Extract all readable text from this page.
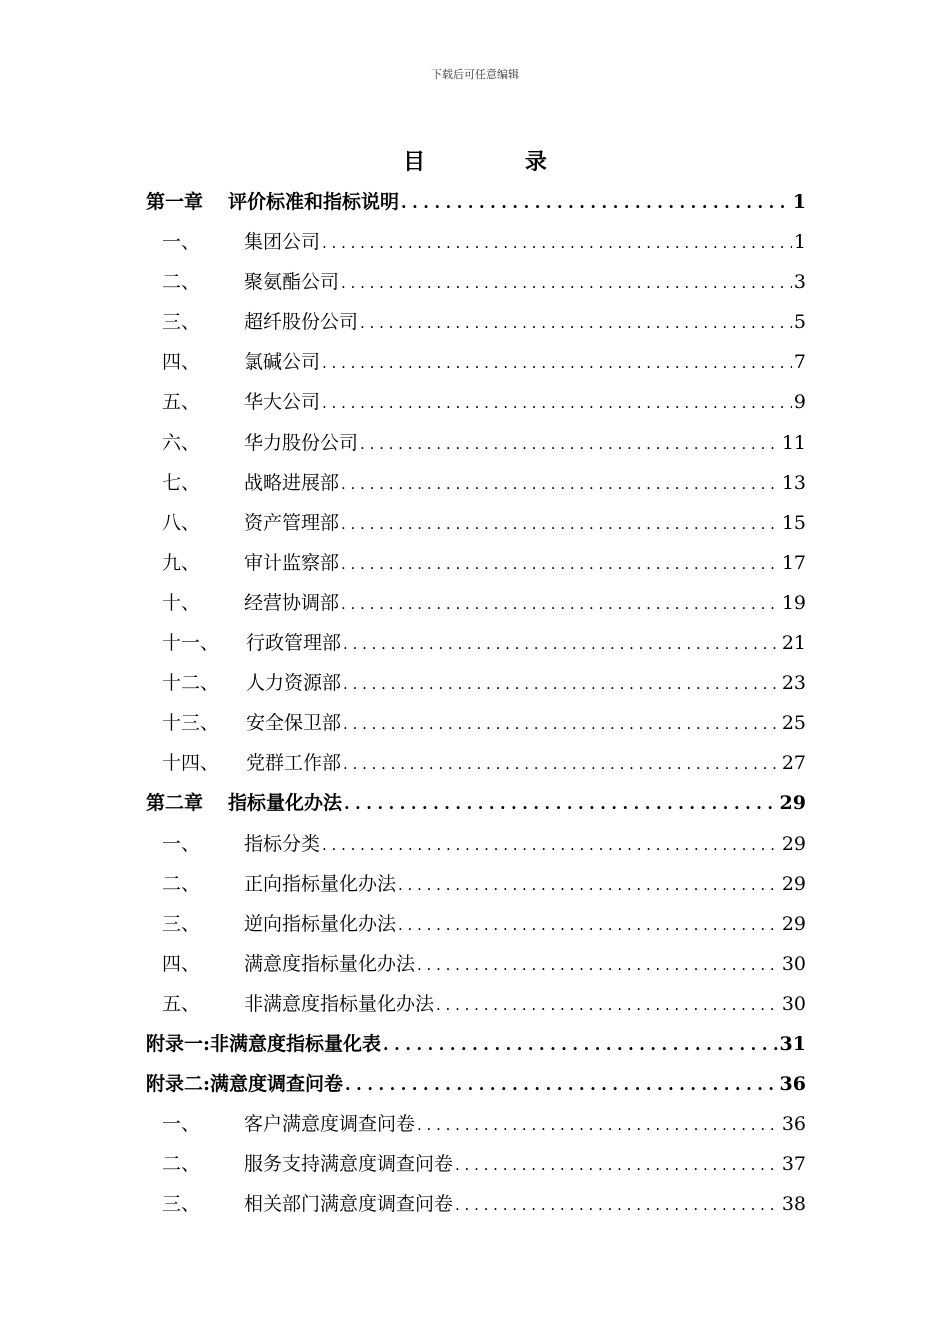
下载后可任意编辑
目 录
第一章	评价标准和指标说明 . . .	1
一、	集团公司 . . .	1
二、	聚氨酯公司 . . .	3
三、	超纤股份公司 . . .	5
四、	氯碱公司 . . .	7
五、	华大公司 . . .	9
六、	华力股份公司 . . .	11
七、	战略进展部 . . .	13
八、	资产管理部 . . .	15
九、	审计监察部 . . .	17
十、	经营协调部 . . .	19
十一、	行政管理部 . . .	21
十二、	人力资源部 . . .	23
十三、	安全保卫部 . . .	25
十四、	党群工作部 . . .	27
第二章	指标量化办法 . . .	29
一、	指标分类 . . .	29
二、	正向指标量化办法 . . .	29
三、	逆向指标量化办法 . . .	29
四、	满意度指标量化办法 . . .	30
五、	非满意度指标量化办法 . . .	30
附录一: 非满意度指标量化表 . . .	31
附录二: 满意度调查问卷 . . .	36
一、	客户满意度调查问卷 . . .	36
二、	服务支持满意度调查问卷 . . .	37
三、	相关部门满意度调查问卷 . . .	38
